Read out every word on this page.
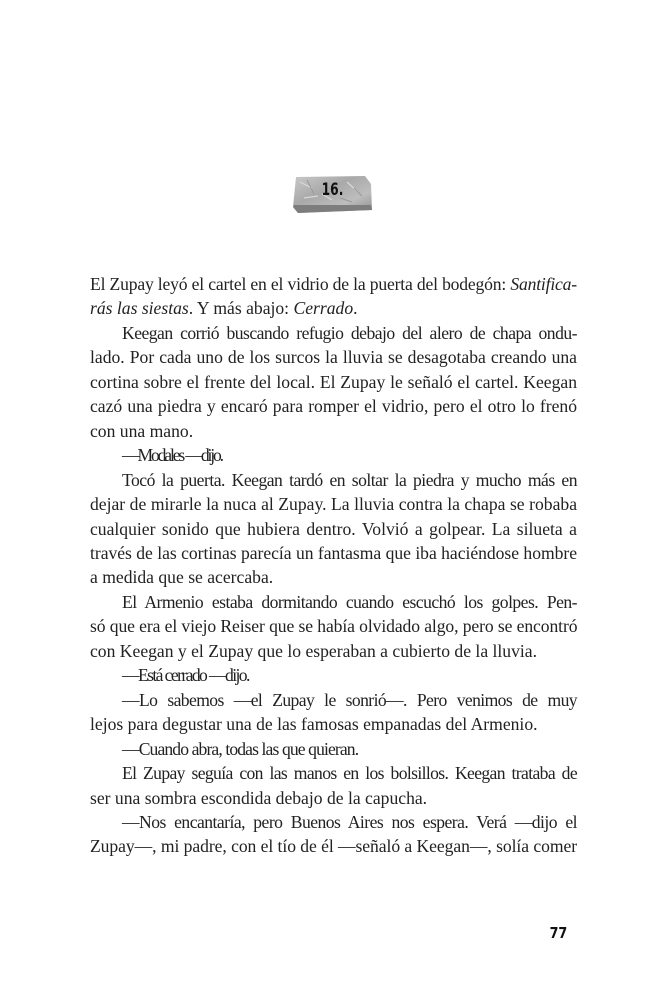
16.
El Zupay leyó el cartel en el vidrio de la puerta del bodegón: Santifica-
rás las siestas. Y más abajo: Cerrado.
Keegan corrió buscando refugio debajo del alero de chapa ondu-
lado. Por cada uno de los surcos la lluvia se desagotaba creando una
cortina sobre el frente del local. El Zupay le señaló el cartel. Keegan
cazó una piedra y encaró para romper el vidrio, pero el otro lo frenó
con una mano.
—Modales —dijo.
Tocó la puerta. Keegan tardó en soltar la piedra y mucho más en
dejar de mirarle la nuca al Zupay. La lluvia contra la chapa se robaba
cualquier sonido que hubiera dentro. Volvió a golpear. La silueta a
través de las cortinas parecía un fantasma que iba haciéndose hombre
a medida que se acercaba.
El Armenio estaba dormitando cuando escuchó los golpes. Pen-
só que era el viejo Reiser que se había olvidado algo, pero se encontró
con Keegan y el Zupay que lo esperaban a cubierto de la lluvia.
—Está cerrado —dijo.
—Lo sabemos —el Zupay le sonrió—. Pero venimos de muy
lejos para degustar una de las famosas empanadas del Armenio.
—Cuando abra, todas las que quieran.
El Zupay seguía con las manos en los bolsillos. Keegan trataba de
ser una sombra escondida debajo de la capucha.
—Nos encantaría, pero Buenos Aires nos espera. Verá —dijo el
Zupay—, mi padre, con el tío de él —señaló a Keegan—, solía comer
77
